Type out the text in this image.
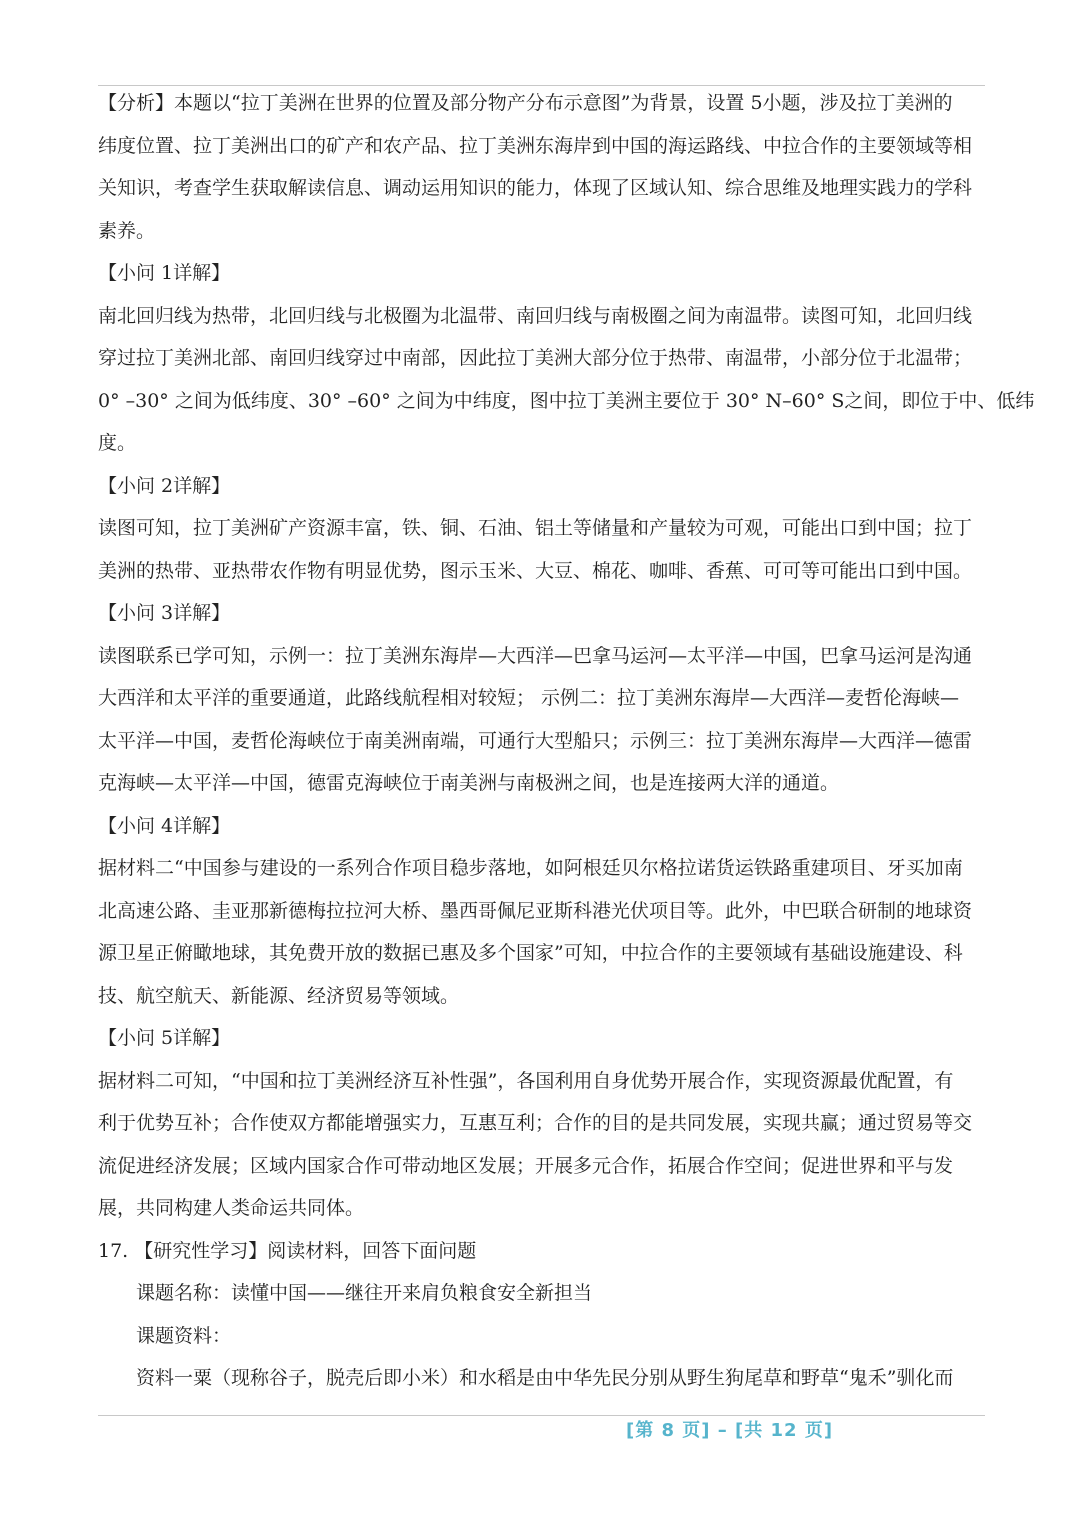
【分析】本题以“拉丁美洲在世界的位置及部分物产分布示意图”为背景，设置 5小题，涉及拉丁美洲的
纬度位置、拉丁美洲出口的矿产和农产品、拉丁美洲东海岸到中国的海运路线、中拉合作的主要领域等相
关知识，考查学生获取解读信息、调动运用知识的能力，体现了区域认知、综合思维及地理实践力的学科
素养。
【小问 1详解】
南北回归线为热带，北回归线与北极圈为北温带、南回归线与南极圈之间为南温带。读图可知，北回归线
穿过拉丁美洲北部、南回归线穿过中南部，因此拉丁美洲大部分位于热带、南温带，小部分位于北温带；
0° –30° 之间为低纬度、30° –60° 之间为中纬度，图中拉丁美洲主要位于 30° N–60° S之间，即位于中、低纬
度。
【小问 2详解】
读图可知，拉丁美洲矿产资源丰富，铁、铜、石油、铝土等储量和产量较为可观，可能出口到中国；拉丁
美洲的热带、亚热带农作物有明显优势，图示玉米、大豆、棉花、咖啡、香蕉、可可等可能出口到中国。
【小问 3详解】
读图联系已学可知，示例一：拉丁美洲东海岸—大西洋—巴拿马运河—太平洋—中国，巴拿马运河是沟通
大西洋和太平洋的重要通道，此路线航程相对较短； 示例二：拉丁美洲东海岸—大西洋—麦哲伦海峡—
太平洋—中国，麦哲伦海峡位于南美洲南端，可通行大型船只；示例三：拉丁美洲东海岸—大西洋—德雷
克海峡—太平洋—中国，德雷克海峡位于南美洲与南极洲之间，也是连接两大洋的通道。
【小问 4详解】
据材料二“中国参与建设的一系列合作项目稳步落地，如阿根廷贝尔格拉诺货运铁路重建项目、牙买加南
北高速公路、圭亚那新德梅拉拉河大桥、墨西哥佩尼亚斯科港光伏项目等。此外，中巴联合研制的地球资
源卫星正俯瞰地球，其免费开放的数据已惠及多个国家”可知，中拉合作的主要领域有基础设施建设、科
技、航空航天、新能源、经济贸易等领域。
【小问 5详解】
据材料二可知，“中国和拉丁美洲经济互补性强”，各国利用自身优势开展合作，实现资源最优配置，有
利于优势互补；合作使双方都能增强实力，互惠互利；合作的目的是共同发展，实现共赢；通过贸易等交
流促进经济发展；区域内国家合作可带动地区发展；开展多元合作，拓展合作空间；促进世界和平与发
展，共同构建人类命运共同体。
17. 【研究性学习】阅读材料，回答下面问题
课题名称：读懂中国——继往开来肩负粮食安全新担当
课题资料：
资料一粟（现称谷子，脱壳后即小米）和水稻是由中华先民分别从野生狗尾草和野草“鬼禾”驯化而
[第 8 页] – [共 12 页]
